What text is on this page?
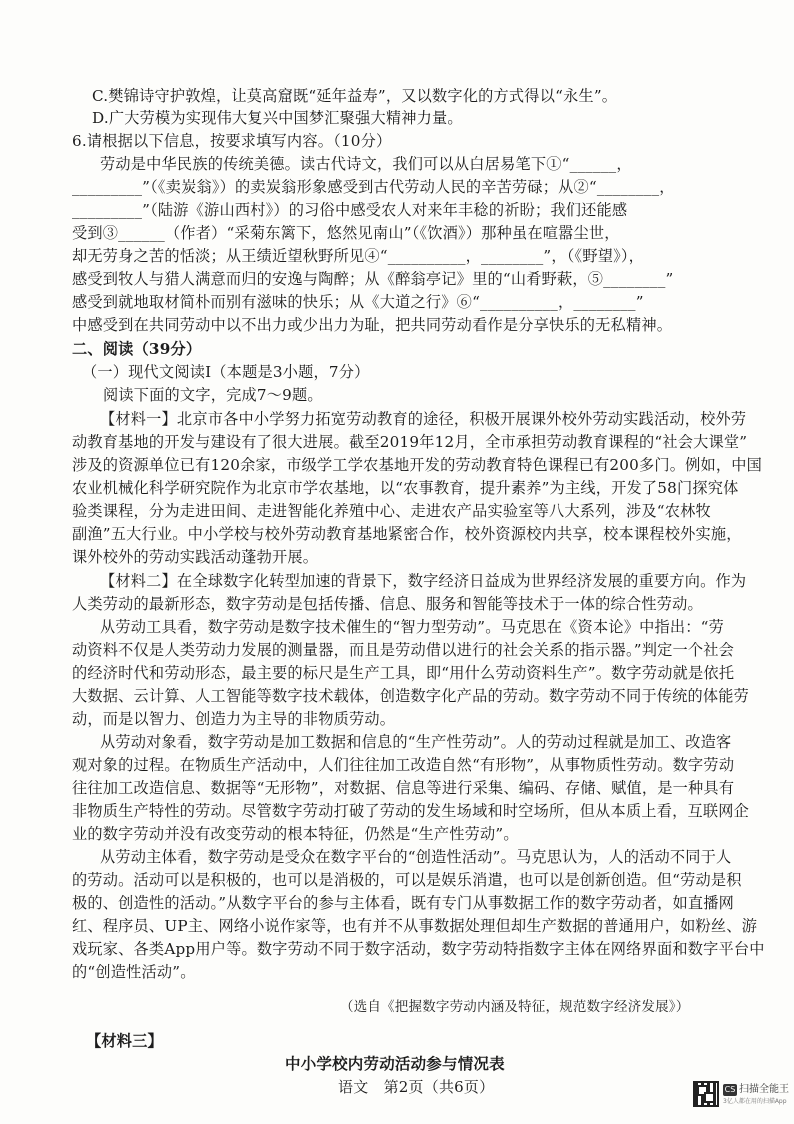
C.樊锦诗守护敦煌，让莫高窟既“延年益寿”，又以数字化的方式得以“永生”。
D.广大劳模为实现伟大复兴中国梦汇聚强大精神力量。
6.请根据以下信息，按要求填写内容。（10分）
劳动是中华民族的传统美德。读古代诗文，我们可以从白居易笔下①“______，
_________”（《卖炭翁》）的卖炭翁形象感受到古代劳动人民的辛苦劳碌；从②“________，
_________”（陆游《游山西村》）的习俗中感受农人对来年丰稔的祈盼；我们还能感
受到③______（作者）“采菊东篱下，悠然见南山”（《饮酒》）那种虽在喧嚣尘世，
却无劳身之苦的恬淡；从王绩近望秋野所见④“__________，________”，（《野望》），
感受到牧人与猎人满意而归的安逸与陶醉；从《醉翁亭记》里的“山肴野蔌，⑤________”
感受到就地取材简朴而别有滋味的快乐；从《大道之行》⑥“__________，________”
中感受到在共同劳动中以不出力或少出力为耻，把共同劳动看作是分享快乐的无私精神。
二、阅读（39分）
（一）现代文阅读Ⅰ（本题是3小题，7分）
阅读下面的文字，完成7～9题。
【材料一】北京市各中小学努力拓宽劳动教育的途径，积极开展课外校外劳动实践活动，校外劳
动教育基地的开发与建设有了很大进展。截至2019年12月，全市承担劳动教育课程的“社会大课堂”
涉及的资源单位已有120余家，市级学工学农基地开发的劳动教育特色课程已有200多门。例如，中国
农业机械化科学研究院作为北京市学农基地，以“农事教育，提升素养”为主线，开发了58门探究体
验类课程，分为走进田间、走进智能化养殖中心、走进农产品实验室等八大系列，涉及“农林牧
副渔”五大行业。中小学校与校外劳动教育基地紧密合作，校外资源校内共享，校本课程校外实施，
课外校外的劳动实践活动蓬勃开展。
【材料二】在全球数字化转型加速的背景下，数字经济日益成为世界经济发展的重要方向。作为
人类劳动的最新形态，数字劳动是包括传播、信息、服务和智能等技术于一体的综合性劳动。
从劳动工具看，数字劳动是数字技术催生的“智力型劳动”。马克思在《资本论》中指出：“劳
动资料不仅是人类劳动力发展的测量器，而且是劳动借以进行的社会关系的指示器。”判定一个社会
的经济时代和劳动形态，最主要的标尺是生产工具，即“用什么劳动资料生产”。数字劳动就是依托
大数据、云计算、人工智能等数字技术载体，创造数字化产品的劳动。数字劳动不同于传统的体能劳
动，而是以智力、创造力为主导的非物质劳动。
从劳动对象看，数字劳动是加工数据和信息的“生产性劳动”。人的劳动过程就是加工、改造客
观对象的过程。在物质生产活动中，人们往往加工改造自然“有形物”，从事物质性劳动。数字劳动
往往加工改造信息、数据等“无形物”，对数据、信息等进行采集、编码、存储、赋值，是一种具有
非物质生产特性的劳动。尽管数字劳动打破了劳动的发生场域和时空场所，但从本质上看，互联网企
业的数字劳动并没有改变劳动的根本特征，仍然是“生产性劳动”。
从劳动主体看，数字劳动是受众在数字平台的“创造性活动”。马克思认为，人的活动不同于人
的劳动。活动可以是积极的，也可以是消极的，可以是娱乐消遣，也可以是创新创造。但“劳动是积
极的、创造性的活动。”从数字平台的参与主体看，既有专门从事数据工作的数字劳动者，如直播网
红、程序员、UP主、网络小说作家等，也有并不从事数据处理但却生产数据的普通用户，如粉丝、游
戏玩家、各类App用户等。数字劳动不同于数字活动，数字劳动特指数字主体在网络界面和数字平台中
的“创造性活动”。
（选自《把握数字劳动内涵及特征，规范数字经济发展》）
【材料三】
中小学校内劳动活动参与情况表
语文　第2页（共6页）	CS 扫描全能王
3亿人都在用的扫描App
